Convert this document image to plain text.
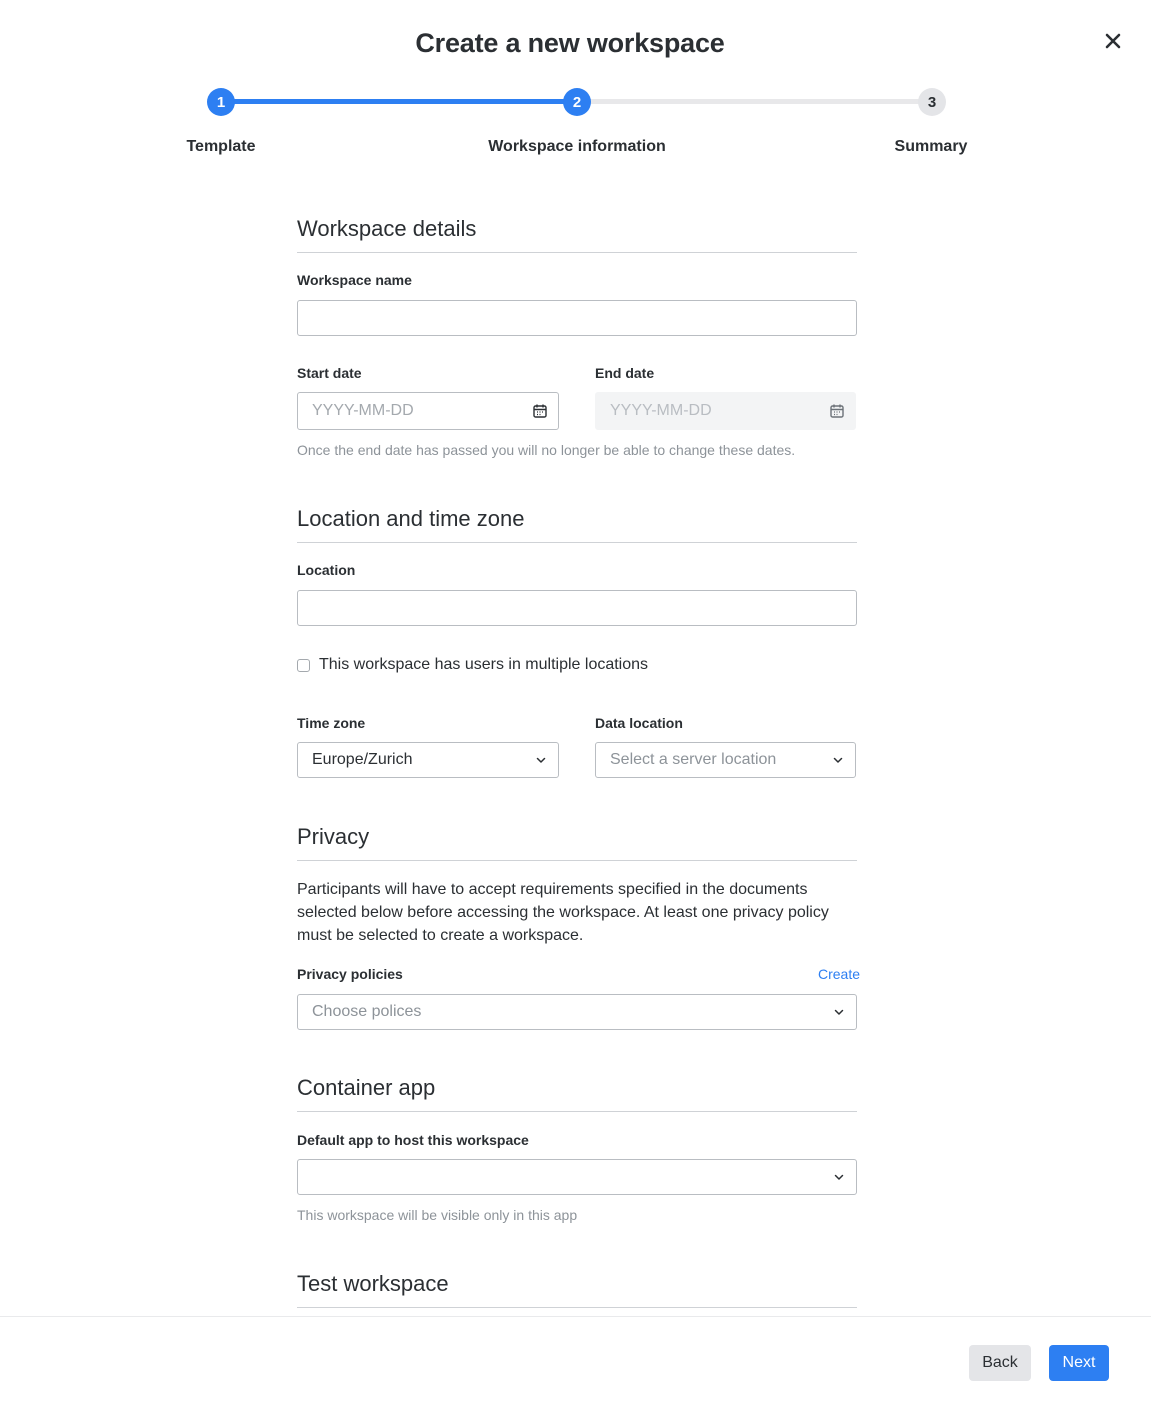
Create a new workspace
1	2	3
Template	Workspace information	Summary
Workspace details
Workspace name
Start date
YYYY-MM-DD	End date
YYYY-MM-DD
Once the end date has passed you will no longer be able to change these dates.
Location and time zone
Location
This workspace has users in multiple locations
Time zone
Europe/Zurich
Data location
Select a server location
Privacy
Participants will have to accept requirements specified in the documents selected below before accessing the workspace. At least one privacy policy must be selected to create a workspace.
Privacy policies	Create
Choose polices
Container app
Default app to host this workspace
This workspace will be visible only in this app
Test workspace
Back	Next
